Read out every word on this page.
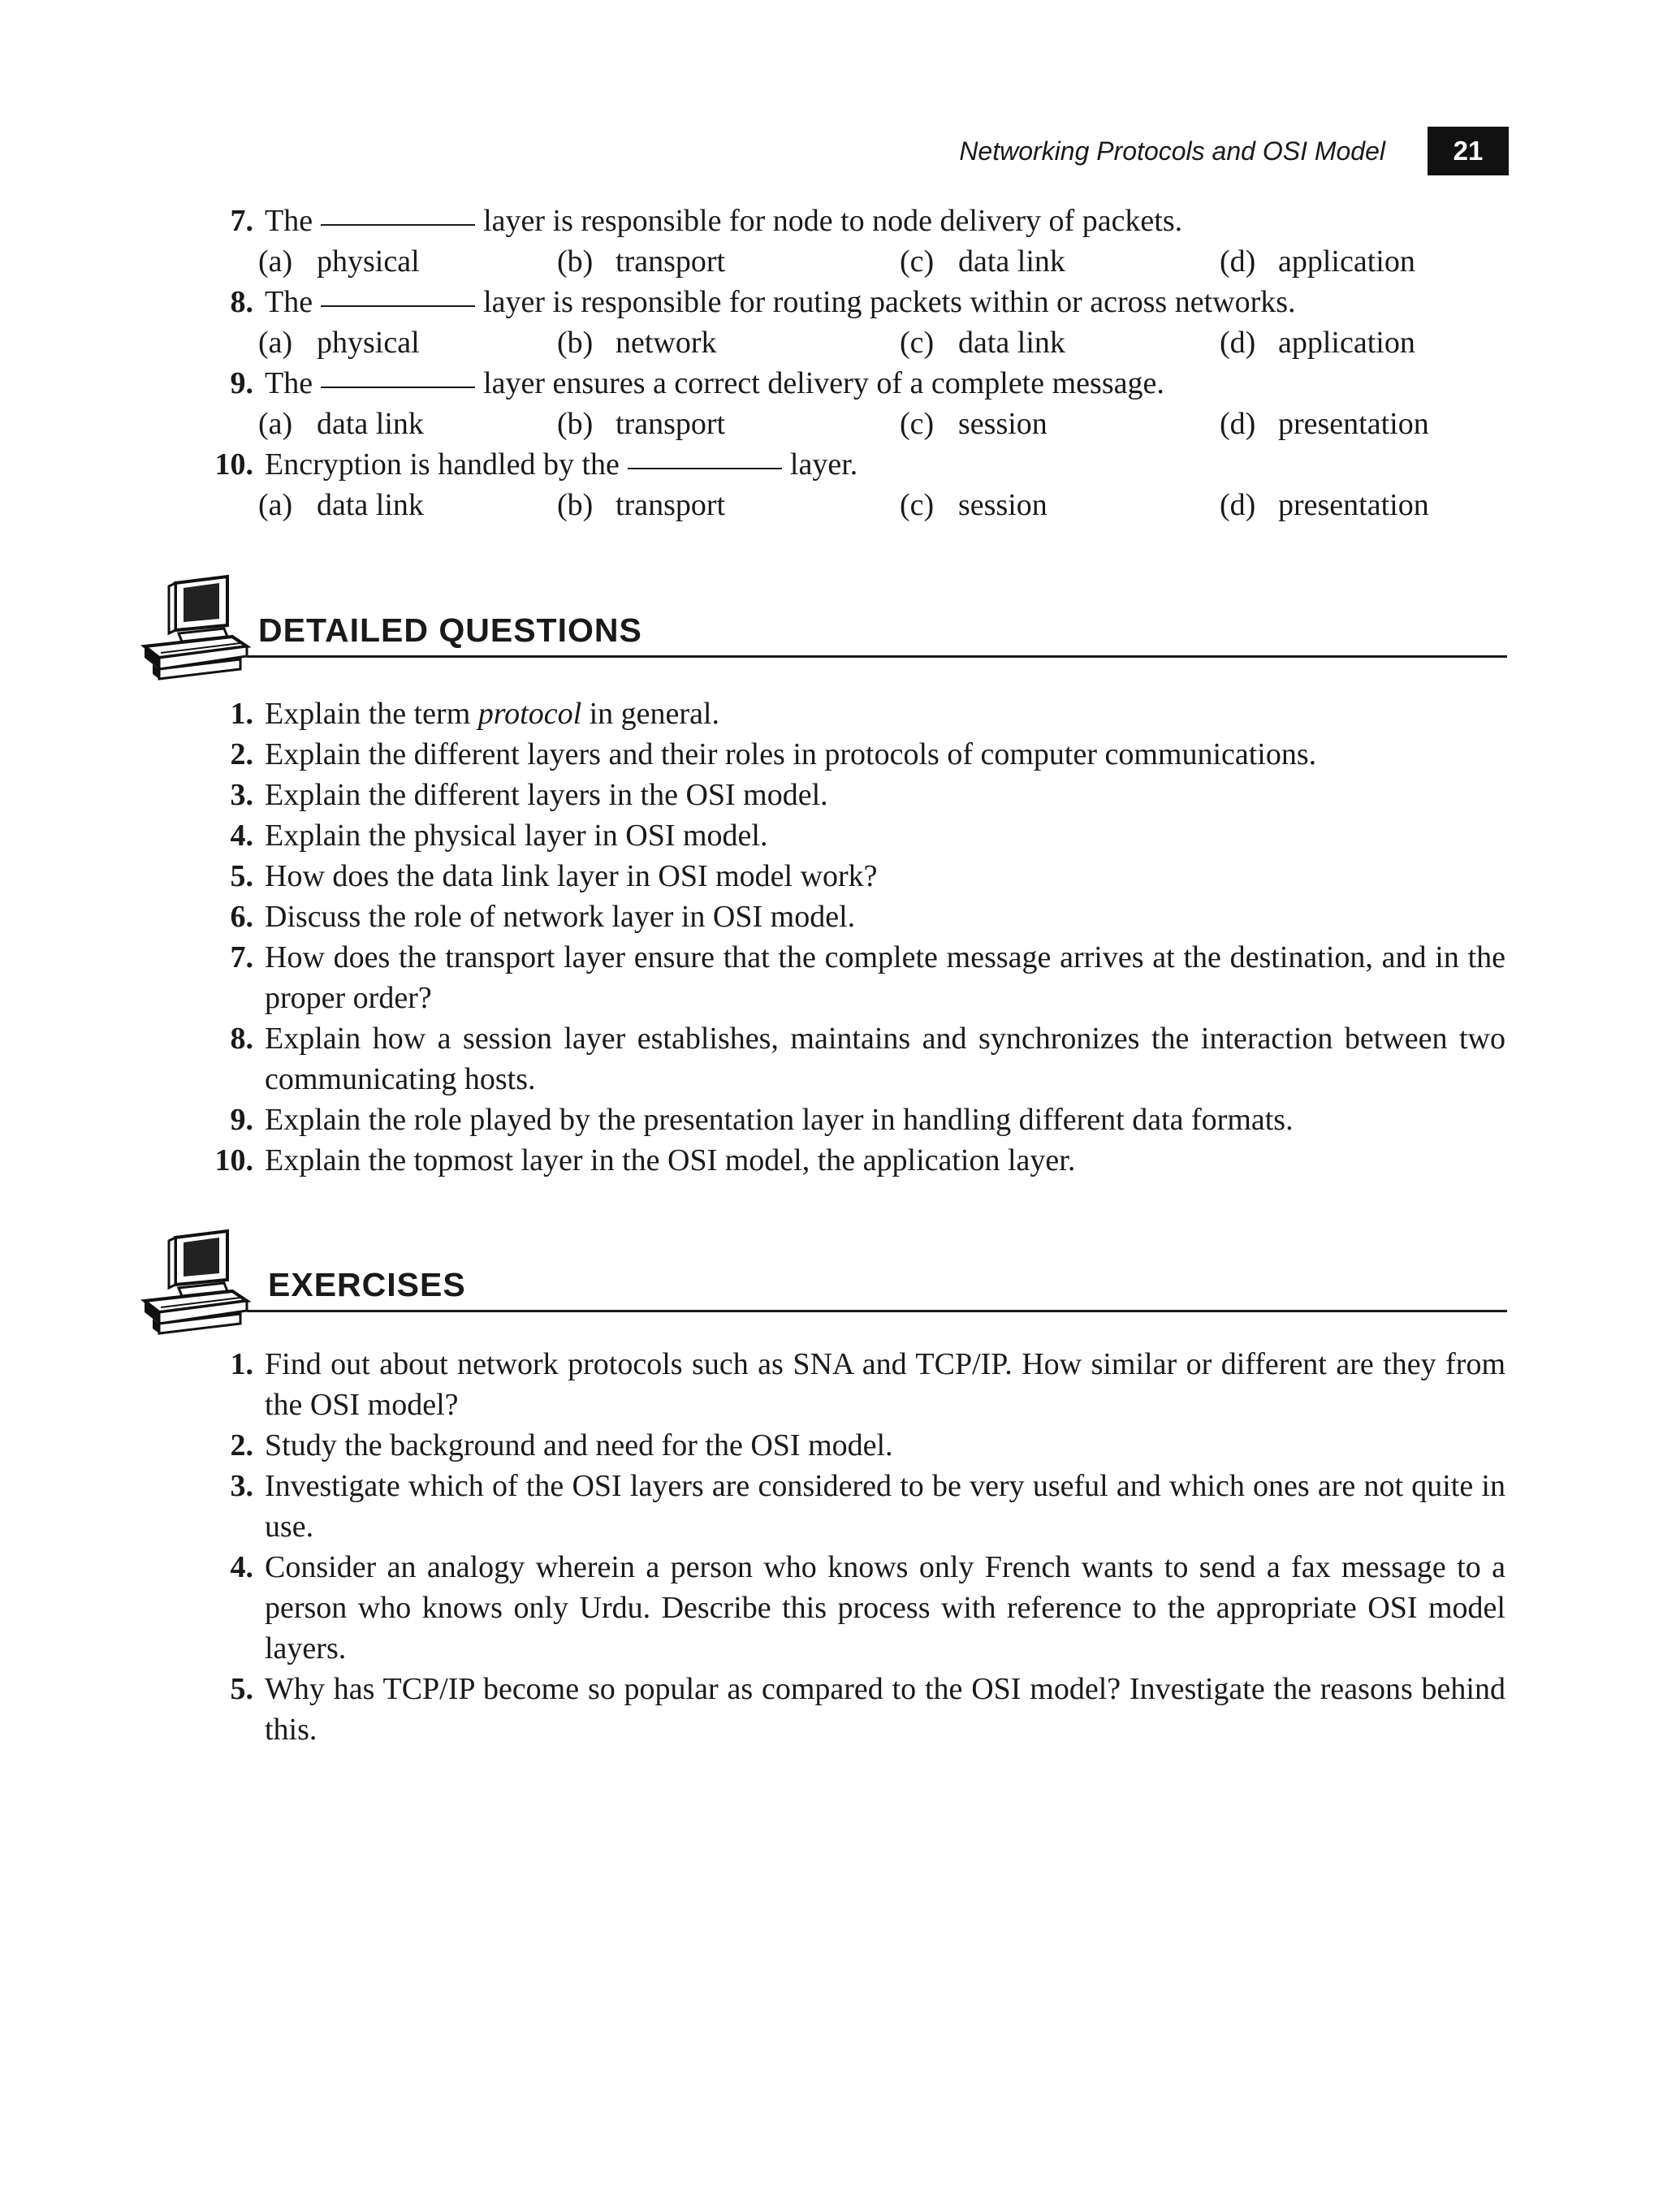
Networking Protocols and OSI Model	21
7. The	layer is responsible for node to node delivery of packets.
(a) physical	(b) transport	(c) data link	(d) application
8. The	layer is responsible for routing packets within or across networks.
(a) physical	(b) network	(c) data link	(d) application
9. The	layer ensures a correct delivery of a complete message.
(a) data link	(b) transport	(c) session	(d) presentation
10. Encryption is handled by the	layer.
(a) data link	(b) transport	(c) session	(d) presentation
DETAILED QUESTIONS
1. Explain the term protocol in general.
2. Explain the different layers and their roles in protocols of computer communications.
3. Explain the different layers in the OSI model.
4. Explain the physical layer in OSI model.
5. How does the data link layer in OSI model work?
6. Discuss the role of network layer in OSI model.
7. How does the transport layer ensure that the complete message arrives at the destination, and in the proper order?
8. Explain how a session layer establishes, maintains and synchronizes the interaction between two communicating hosts.
9. Explain the role played by the presentation layer in handling different data formats.
10. Explain the topmost layer in the OSI model, the application layer.
EXERCISES
1. Find out about network protocols such as SNA and TCP/IP. How similar or different are they from the OSI model?
2. Study the background and need for the OSI model.
3. Investigate which of the OSI layers are considered to be very useful and which ones are not quite in use.
4. Consider an analogy wherein a person who knows only French wants to send a fax message to a person who knows only Urdu. Describe this process with reference to the appropriate OSI model layers.
5. Why has TCP/IP become so popular as compared to the OSI model? Investigate the reasons behind this.
